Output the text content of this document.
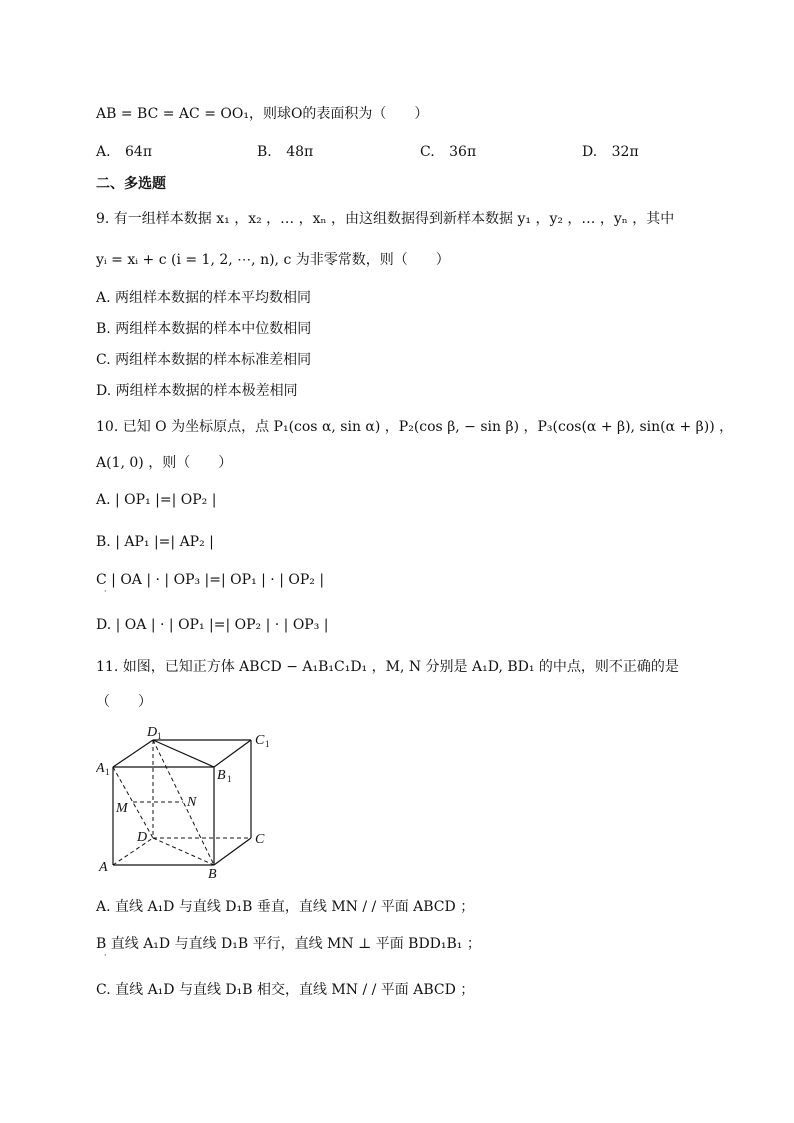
AB = BC = AC = OO₁，则球O的表面积为（　　）
A. 64π	B. 48π	C. 36π	D. 32π
二、多选题
9. 有一组样本数据 x₁ ，x₂ ，… ，xₙ ，由这组数据得到新样本数据 y₁ ，y₂ ，… ，yₙ ，其中
yᵢ = xᵢ + c (i = 1, 2, ⋯, n), c 为非零常数，则（　　）
A. 两组样本数据的样本平均数相同
B. 两组样本数据的样本中位数相同
C. 两组样本数据的样本标准差相同
D. 两组样本数据的样本极差相同
10. 已知 O 为坐标原点，点 P₁(cos α, sin α) ，P₂(cos β, − sin β) ，P₃(cos(α + β), sin(α + β)) ，
A(1, 0) ，则（　　）
A. | OP₁ |=| OP₂ |
B. | AP₁ |=| AP₂ |
C | OA | · | OP₃ |=| OP₁ | · | OP₂ |
·
D. | OA | · | OP₁ |=| OP₂ | · | OP₃ |
11. 如图，已知正方体 ABCD − A₁B₁C₁D₁ ，M, N 分别是 A₁D, BD₁ 的中点，则不正确的是
（　　）
D 1	C 1
A 1	B 1
M	N
D	C
A	B
A. 直线 A₁D 与直线 D₁B 垂直，直线 MN / / 平面 ABCD ；
B 直线 A₁D 与直线 D₁B 平行，直线 MN ⊥ 平面 BDD₁B₁ ；
·
C. 直线 A₁D 与直线 D₁B 相交，直线 MN / / 平面 ABCD ；
